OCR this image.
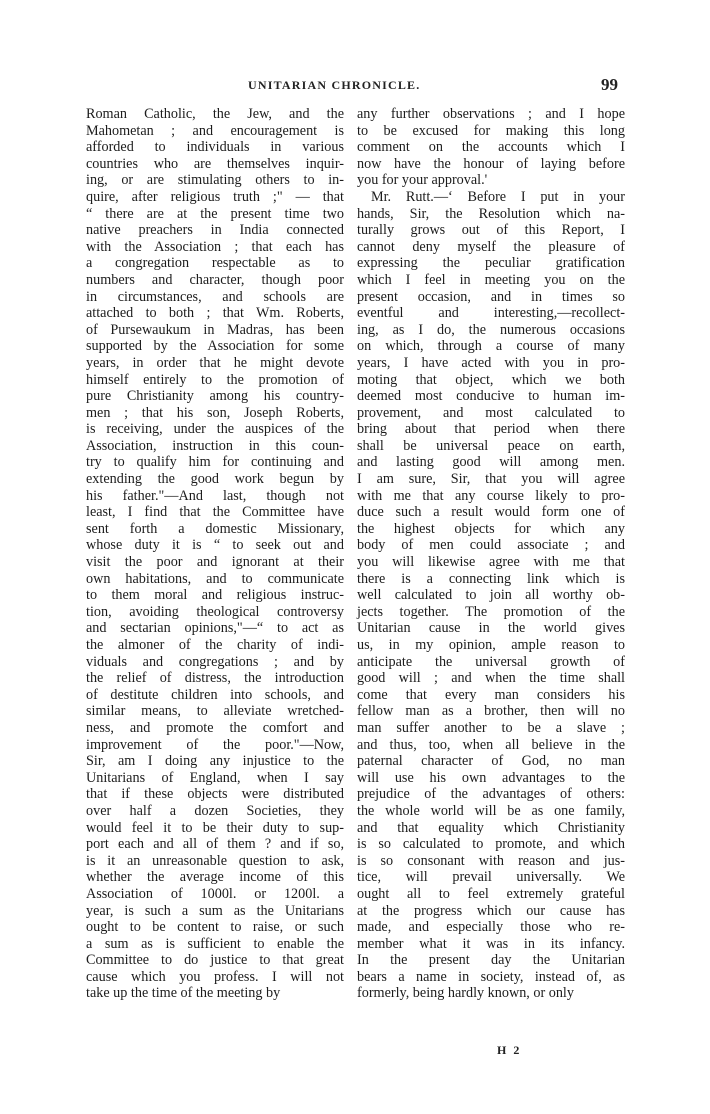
UNITARIAN CHRONICLE.	99
Roman Catholic, the Jew, and the
Mahometan ; and encouragement is
afforded to individuals in various
countries who are themselves inquir-
ing, or are stimulating others to in-
quire, after religious truth ;" — that
“ there are at the present time two
native preachers in India connected
with the Association ; that each has
a congregation respectable as to
numbers and character, though poor
in circumstances, and schools are
attached to both ; that Wm. Roberts,
of Pursewaukum in Madras, has been
supported by the Association for some
years, in order that he might devote
himself entirely to the promotion of
pure Christianity among his country-
men ; that his son, Joseph Roberts,
is receiving, under the auspices of the
Association, instruction in this coun-
try to qualify him for continuing and
extending the good work begun by
his father."—And last, though not
least, I find that the Committee have
sent forth a domestic Missionary,
whose duty it is “ to seek out and
visit the poor and ignorant at their
own habitations, and to communicate
to them moral and religious instruc-
tion, avoiding theological controversy
and sectarian opinions,"—“ to act as
the almoner of the charity of indi-
viduals and congregations ; and by
the relief of distress, the introduction
of destitute children into schools, and
similar means, to alleviate wretched-
ness, and promote the comfort and
improvement of the poor."—Now,
Sir, am I doing any injustice to the
Unitarians of England, when I say
that if these objects were distributed
over half a dozen Societies, they
would feel it to be their duty to sup-
port each and all of them ? and if so,
is it an unreasonable question to ask,
whether the average income of this
Association of 1000l. or 1200l. a
year, is such a sum as the Unitarians
ought to be content to raise, or such
a sum as is sufficient to enable the
Committee to do justice to that great
cause which you profess. I will not
take up the time of the meeting by
any further observations ; and I hope
to be excused for making this long
comment on the accounts which I
now have the honour of laying before
you for your approval.'
Mr. Rutt.—‘ Before I put in your
hands, Sir, the Resolution which na-
turally grows out of this Report, I
cannot deny myself the pleasure of
expressing the peculiar gratification
which I feel in meeting you on the
present occasion, and in times so
eventful and interesting,—recollect-
ing, as I do, the numerous occasions
on which, through a course of many
years, I have acted with you in pro-
moting that object, which we both
deemed most conducive to human im-
provement, and most calculated to
bring about that period when there
shall be universal peace on earth,
and lasting good will among men.
I am sure, Sir, that you will agree
with me that any course likely to pro-
duce such a result would form one of
the highest objects for which any
body of men could associate ; and
you will likewise agree with me that
there is a connecting link which is
well calculated to join all worthy ob-
jects together. The promotion of the
Unitarian cause in the world gives
us, in my opinion, ample reason to
anticipate the universal growth of
good will ; and when the time shall
come that every man considers his
fellow man as a brother, then will no
man suffer another to be a slave ;
and thus, too, when all believe in the
paternal character of God, no man
will use his own advantages to the
prejudice of the advantages of others:
the whole world will be as one family,
and that equality which Christianity
is so calculated to promote, and which
is so consonant with reason and jus-
tice, will prevail universally. We
ought all to feel extremely grateful
at the progress which our cause has
made, and especially those who re-
member what it was in its infancy.
In the present day the Unitarian
bears a name in society, instead of, as
formerly, being hardly known, or only
H 2
